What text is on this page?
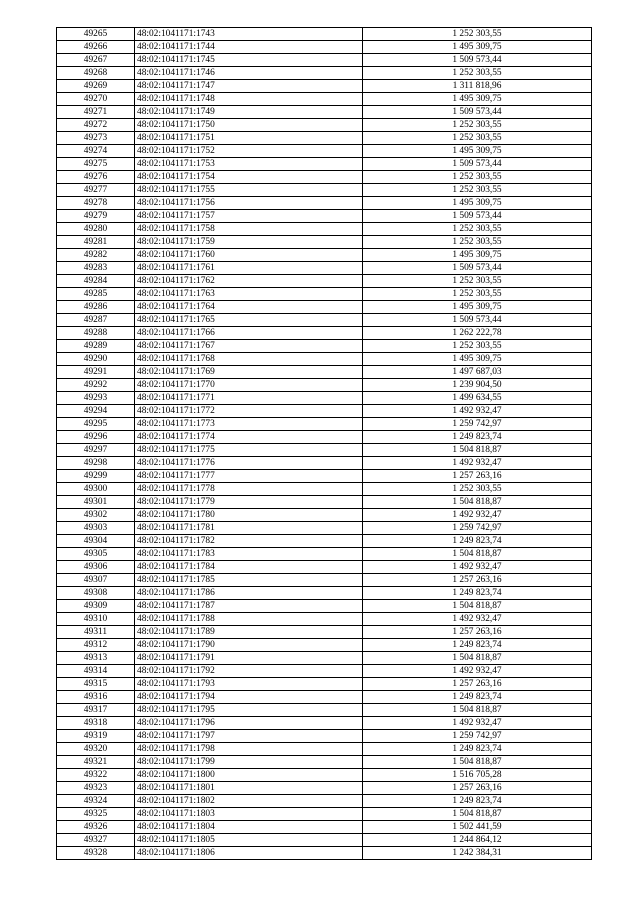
49265	48:02:1041171:1743	1 252 303,55
49266	48:02:1041171:1744	1 495 309,75
49267	48:02:1041171:1745	1 509 573,44
49268	48:02:1041171:1746	1 252 303,55
49269	48:02:1041171:1747	1 311 818,96
49270	48:02:1041171:1748	1 495 309,75
49271	48:02:1041171:1749	1 509 573,44
49272	48:02:1041171:1750	1 252 303,55
49273	48:02:1041171:1751	1 252 303,55
49274	48:02:1041171:1752	1 495 309,75
49275	48:02:1041171:1753	1 509 573,44
49276	48:02:1041171:1754	1 252 303,55
49277	48:02:1041171:1755	1 252 303,55
49278	48:02:1041171:1756	1 495 309,75
49279	48:02:1041171:1757	1 509 573,44
49280	48:02:1041171:1758	1 252 303,55
49281	48:02:1041171:1759	1 252 303,55
49282	48:02:1041171:1760	1 495 309,75
49283	48:02:1041171:1761	1 509 573,44
49284	48:02:1041171:1762	1 252 303,55
49285	48:02:1041171:1763	1 252 303,55
49286	48:02:1041171:1764	1 495 309,75
49287	48:02:1041171:1765	1 509 573,44
49288	48:02:1041171:1766	1 262 222,78
49289	48:02:1041171:1767	1 252 303,55
49290	48:02:1041171:1768	1 495 309,75
49291	48:02:1041171:1769	1 497 687,03
49292	48:02:1041171:1770	1 239 904,50
49293	48:02:1041171:1771	1 499 634,55
49294	48:02:1041171:1772	1 492 932,47
49295	48:02:1041171:1773	1 259 742,97
49296	48:02:1041171:1774	1 249 823,74
49297	48:02:1041171:1775	1 504 818,87
49298	48:02:1041171:1776	1 492 932,47
49299	48:02:1041171:1777	1 257 263,16
49300	48:02:1041171:1778	1 252 303,55
49301	48:02:1041171:1779	1 504 818,87
49302	48:02:1041171:1780	1 492 932,47
49303	48:02:1041171:1781	1 259 742,97
49304	48:02:1041171:1782	1 249 823,74
49305	48:02:1041171:1783	1 504 818,87
49306	48:02:1041171:1784	1 492 932,47
49307	48:02:1041171:1785	1 257 263,16
49308	48:02:1041171:1786	1 249 823,74
49309	48:02:1041171:1787	1 504 818,87
49310	48:02:1041171:1788	1 492 932,47
49311	48:02:1041171:1789	1 257 263,16
49312	48:02:1041171:1790	1 249 823,74
49313	48:02:1041171:1791	1 504 818,87
49314	48:02:1041171:1792	1 492 932,47
49315	48:02:1041171:1793	1 257 263,16
49316	48:02:1041171:1794	1 249 823,74
49317	48:02:1041171:1795	1 504 818,87
49318	48:02:1041171:1796	1 492 932,47
49319	48:02:1041171:1797	1 259 742,97
49320	48:02:1041171:1798	1 249 823,74
49321	48:02:1041171:1799	1 504 818,87
49322	48:02:1041171:1800	1 516 705,28
49323	48:02:1041171:1801	1 257 263,16
49324	48:02:1041171:1802	1 249 823,74
49325	48:02:1041171:1803	1 504 818,87
49326	48:02:1041171:1804	1 502 441,59
49327	48:02:1041171:1805	1 244 864,12
49328	48:02:1041171:1806	1 242 384,31
